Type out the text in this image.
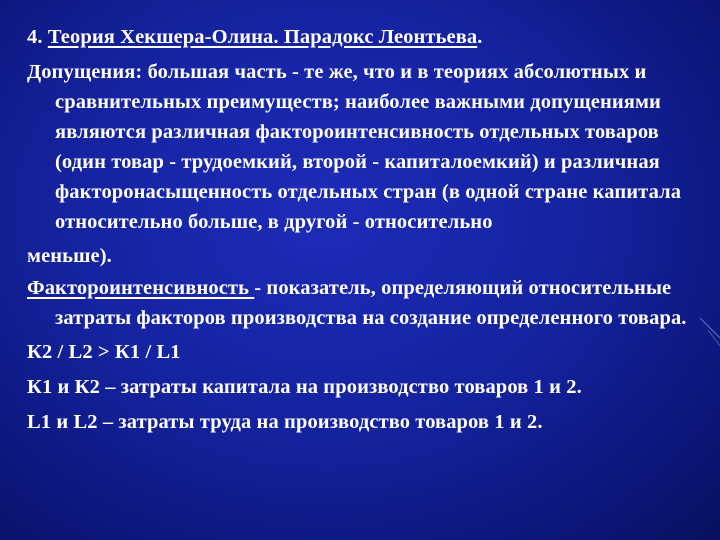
4. Теория Хекшера-Олина. Парадокс Леонтьева.

Допущения: большая часть - те же, что и в теориях абсолютных и сравнительных преимуществ; наиболее важными допущениями являются различная фактороинтенсивность отдельных товаров (один товар - трудоемкий, второй - капиталоемкий) и различная факторонасыщенность отдельных стран (в одной стране капитала относительно больше, в другой - относительно
меньше).

Фактороинтенсивность - показатель, определяющий относительные затраты факторов производства на создание определенного товара.

К2 / L2 > К1 / L1

К1 и К2 – затраты капитала на производство товаров 1 и 2.

L1 и L2 – затраты труда на производство товаров 1 и 2.
